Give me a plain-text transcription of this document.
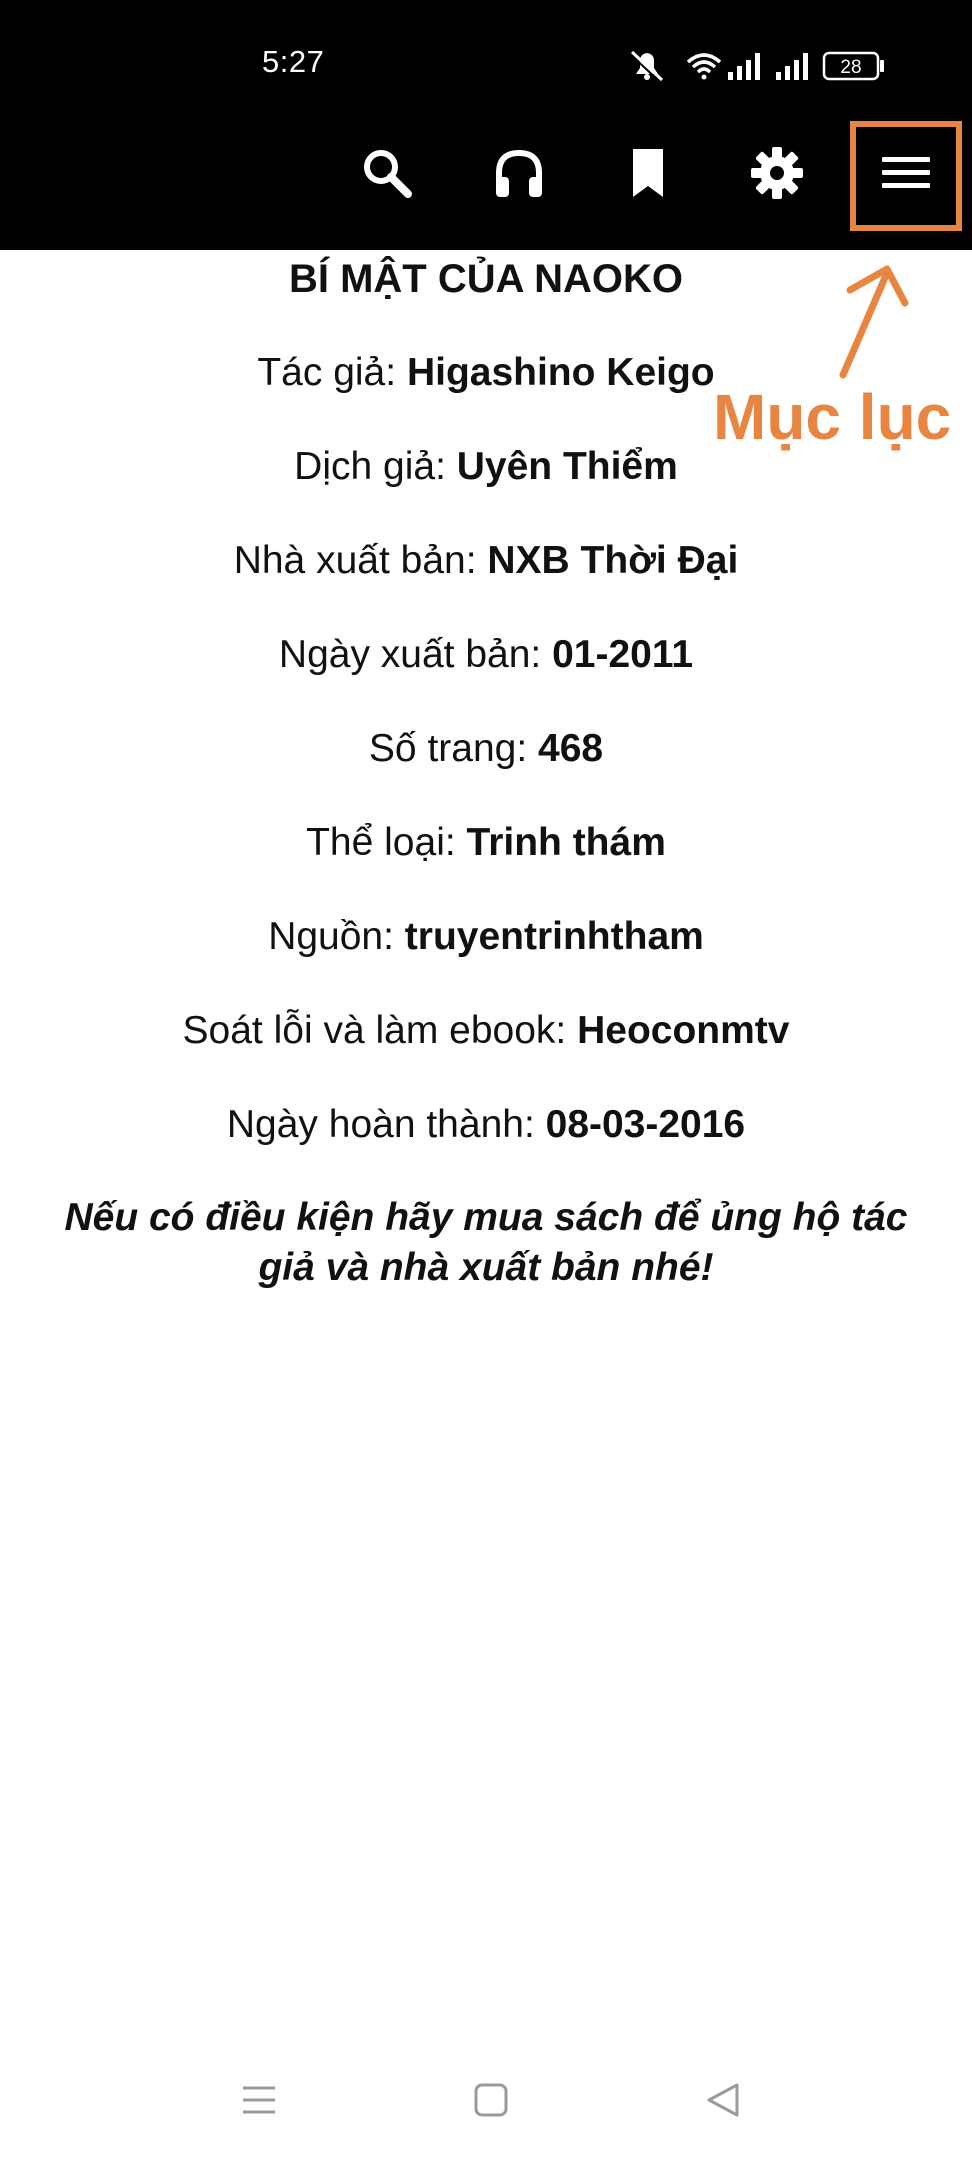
5:27	28
Mục lục
BÍ MẬT CỦA NAOKO
Tác giả: Higashino Keigo
Dịch giả: Uyên Thiểm
Nhà xuất bản: NXB Thời Đại
Ngày xuất bản: 01-2011
Số trang: 468
Thể loại: Trinh thám
Nguồn: truyentrinhtham
Soát lỗi và làm ebook: Heoconmtv
Ngày hoàn thành: 08-03-2016
Nếu có điều kiện hãy mua sách để ủng hộ tác giả và nhà xuất bản nhé!
